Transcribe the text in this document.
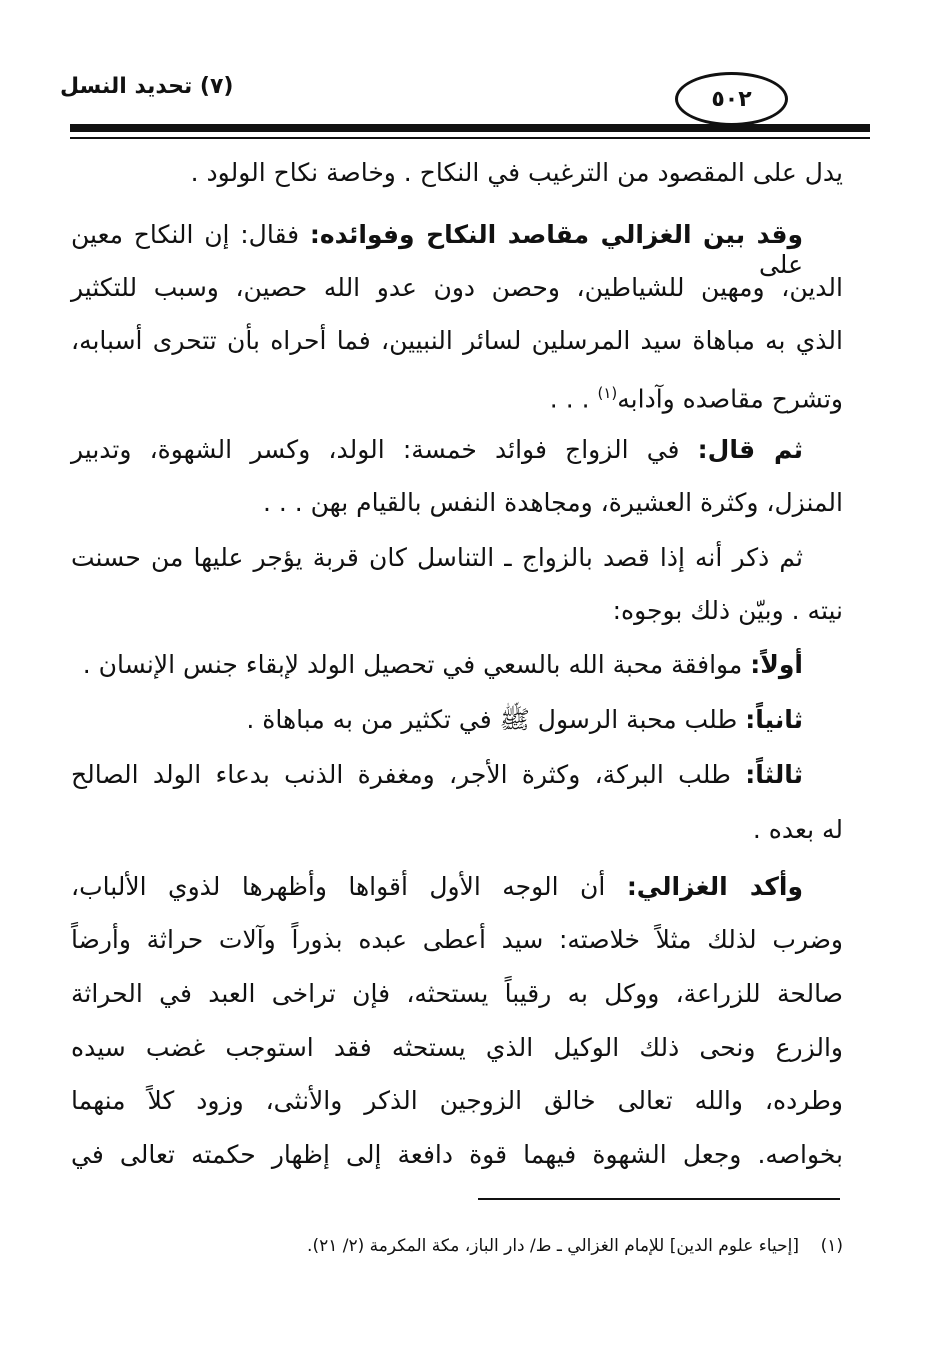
(٧) تحديد النسل	٥٠٢
يدل على المقصود من الترغيب في النكاح . وخاصة نكاح الولود .
وقد بين الغزالي مقاصد النكاح وفوائده: فقال: إن النكاح معين على
الدين، ومهين للشياطين، وحصن دون عدو الله حصين، وسبب للتكثير
الذي به مباهاة سيد المرسلين لسائر النبيين، فما أحراه بأن تتحرى أسبابه،
وتشرح مقاصده وآدابه$^{(١)}$ . . .
ثم قال: في الزواج فوائد خمسة: الولد، وكسر الشهوة، وتدبير
المنزل، وكثرة العشيرة، ومجاهدة النفس بالقيام بهن . . .
ثم ذكر أنه إذا قصد بالزواج ـ التناسل كان قربة يؤجر عليها من حسنت
نيته . وبيّن ذلك بوجوه:
أولاً: موافقة محبة الله بالسعي في تحصيل الولد لإبقاء جنس الإنسان .
ثانياً: طلب محبة الرسول ﷺ في تكثير من به مباهاة .
ثالثاً: طلب البركة، وكثرة الأجر، ومغفرة الذنب بدعاء الولد الصالح
له بعده .
وأكد الغزالي: أن الوجه الأول أقواها وأظهرها لذوي الألباب،
وضرب لذلك مثلاً خلاصته: سيد أعطى عبده بذوراً وآلات حراثة وأرضاً
صالحة للزراعة، ووكل به رقيباً يستحثه، فإن تراخى العبد في الحراثة
والزرع ونحى ذلك الوكيل الذي يستحثه فقد استوجب غضب سيده
وطرده، والله تعالى خالق الزوجين الذكر والأنثى، وزود كلاً منهما
بخواصه. وجعل الشهوة فيهما قوة دافعة إلى إظهار حكمته تعالى في
(١)    [إحياء علوم الدين] للإمام الغزالي ـ ط/ دار الباز، مكة المكرمة (٢/ ٢١).
